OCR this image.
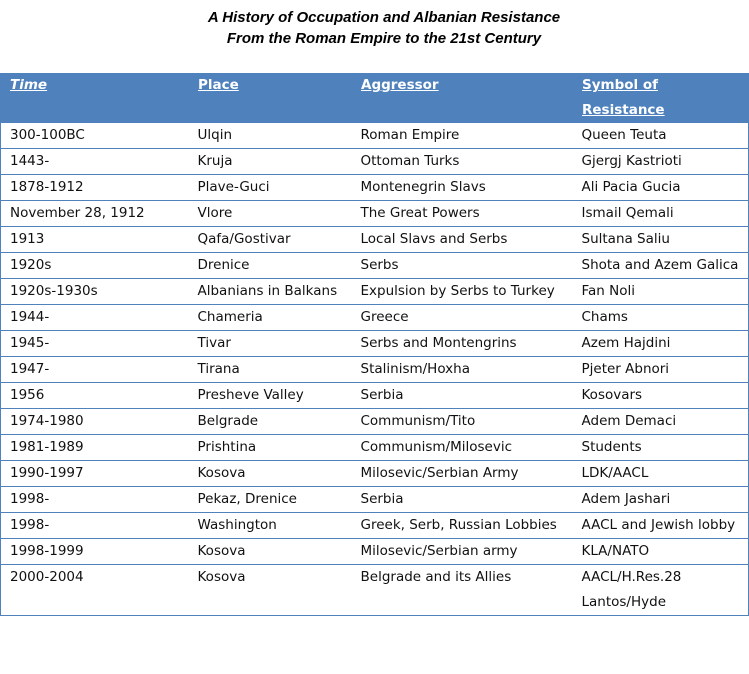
A History of Occupation and Albanian Resistance
From the Roman Empire to the 21st Century
Time	Place	Aggressor	Symbol of Resistance
300-100BC	Ulqin	Roman Empire	Queen Teuta
1443-	Kruja	Ottoman Turks	Gjergj Kastrioti
1878-1912	Plave-Guci	Montenegrin Slavs	Ali Pacia Gucia
November 28, 1912	Vlore	The Great Powers	Ismail Qemali
1913	Qafa/Gostivar	Local Slavs and Serbs	Sultana Saliu
1920s	Drenice	Serbs	Shota and Azem Galica
1920s-1930s	Albanians in Balkans	Expulsion by Serbs to Turkey	Fan Noli
1944-	Chameria	Greece	Chams
1945-	Tivar	Serbs and Montengrins	Azem Hajdini
1947-	Tirana	Stalinism/Hoxha	Pjeter Abnori
1956	Presheve Valley	Serbia	Kosovars
1974-1980	Belgrade	Communism/Tito	Adem Demaci
1981-1989	Prishtina	Communism/Milosevic	Students
1990-1997	Kosova	Milosevic/Serbian Army	LDK/AACL
1998-	Pekaz, Drenice	Serbia	Adem Jashari
1998-	Washington	Greek, Serb, Russian Lobbies	AACL and Jewish lobby
1998-1999	Kosova	Milosevic/Serbian army	KLA/NATO
2000-2004	Kosova	Belgrade and its Allies	AACL/H.Res.28 Lantos/Hyde
